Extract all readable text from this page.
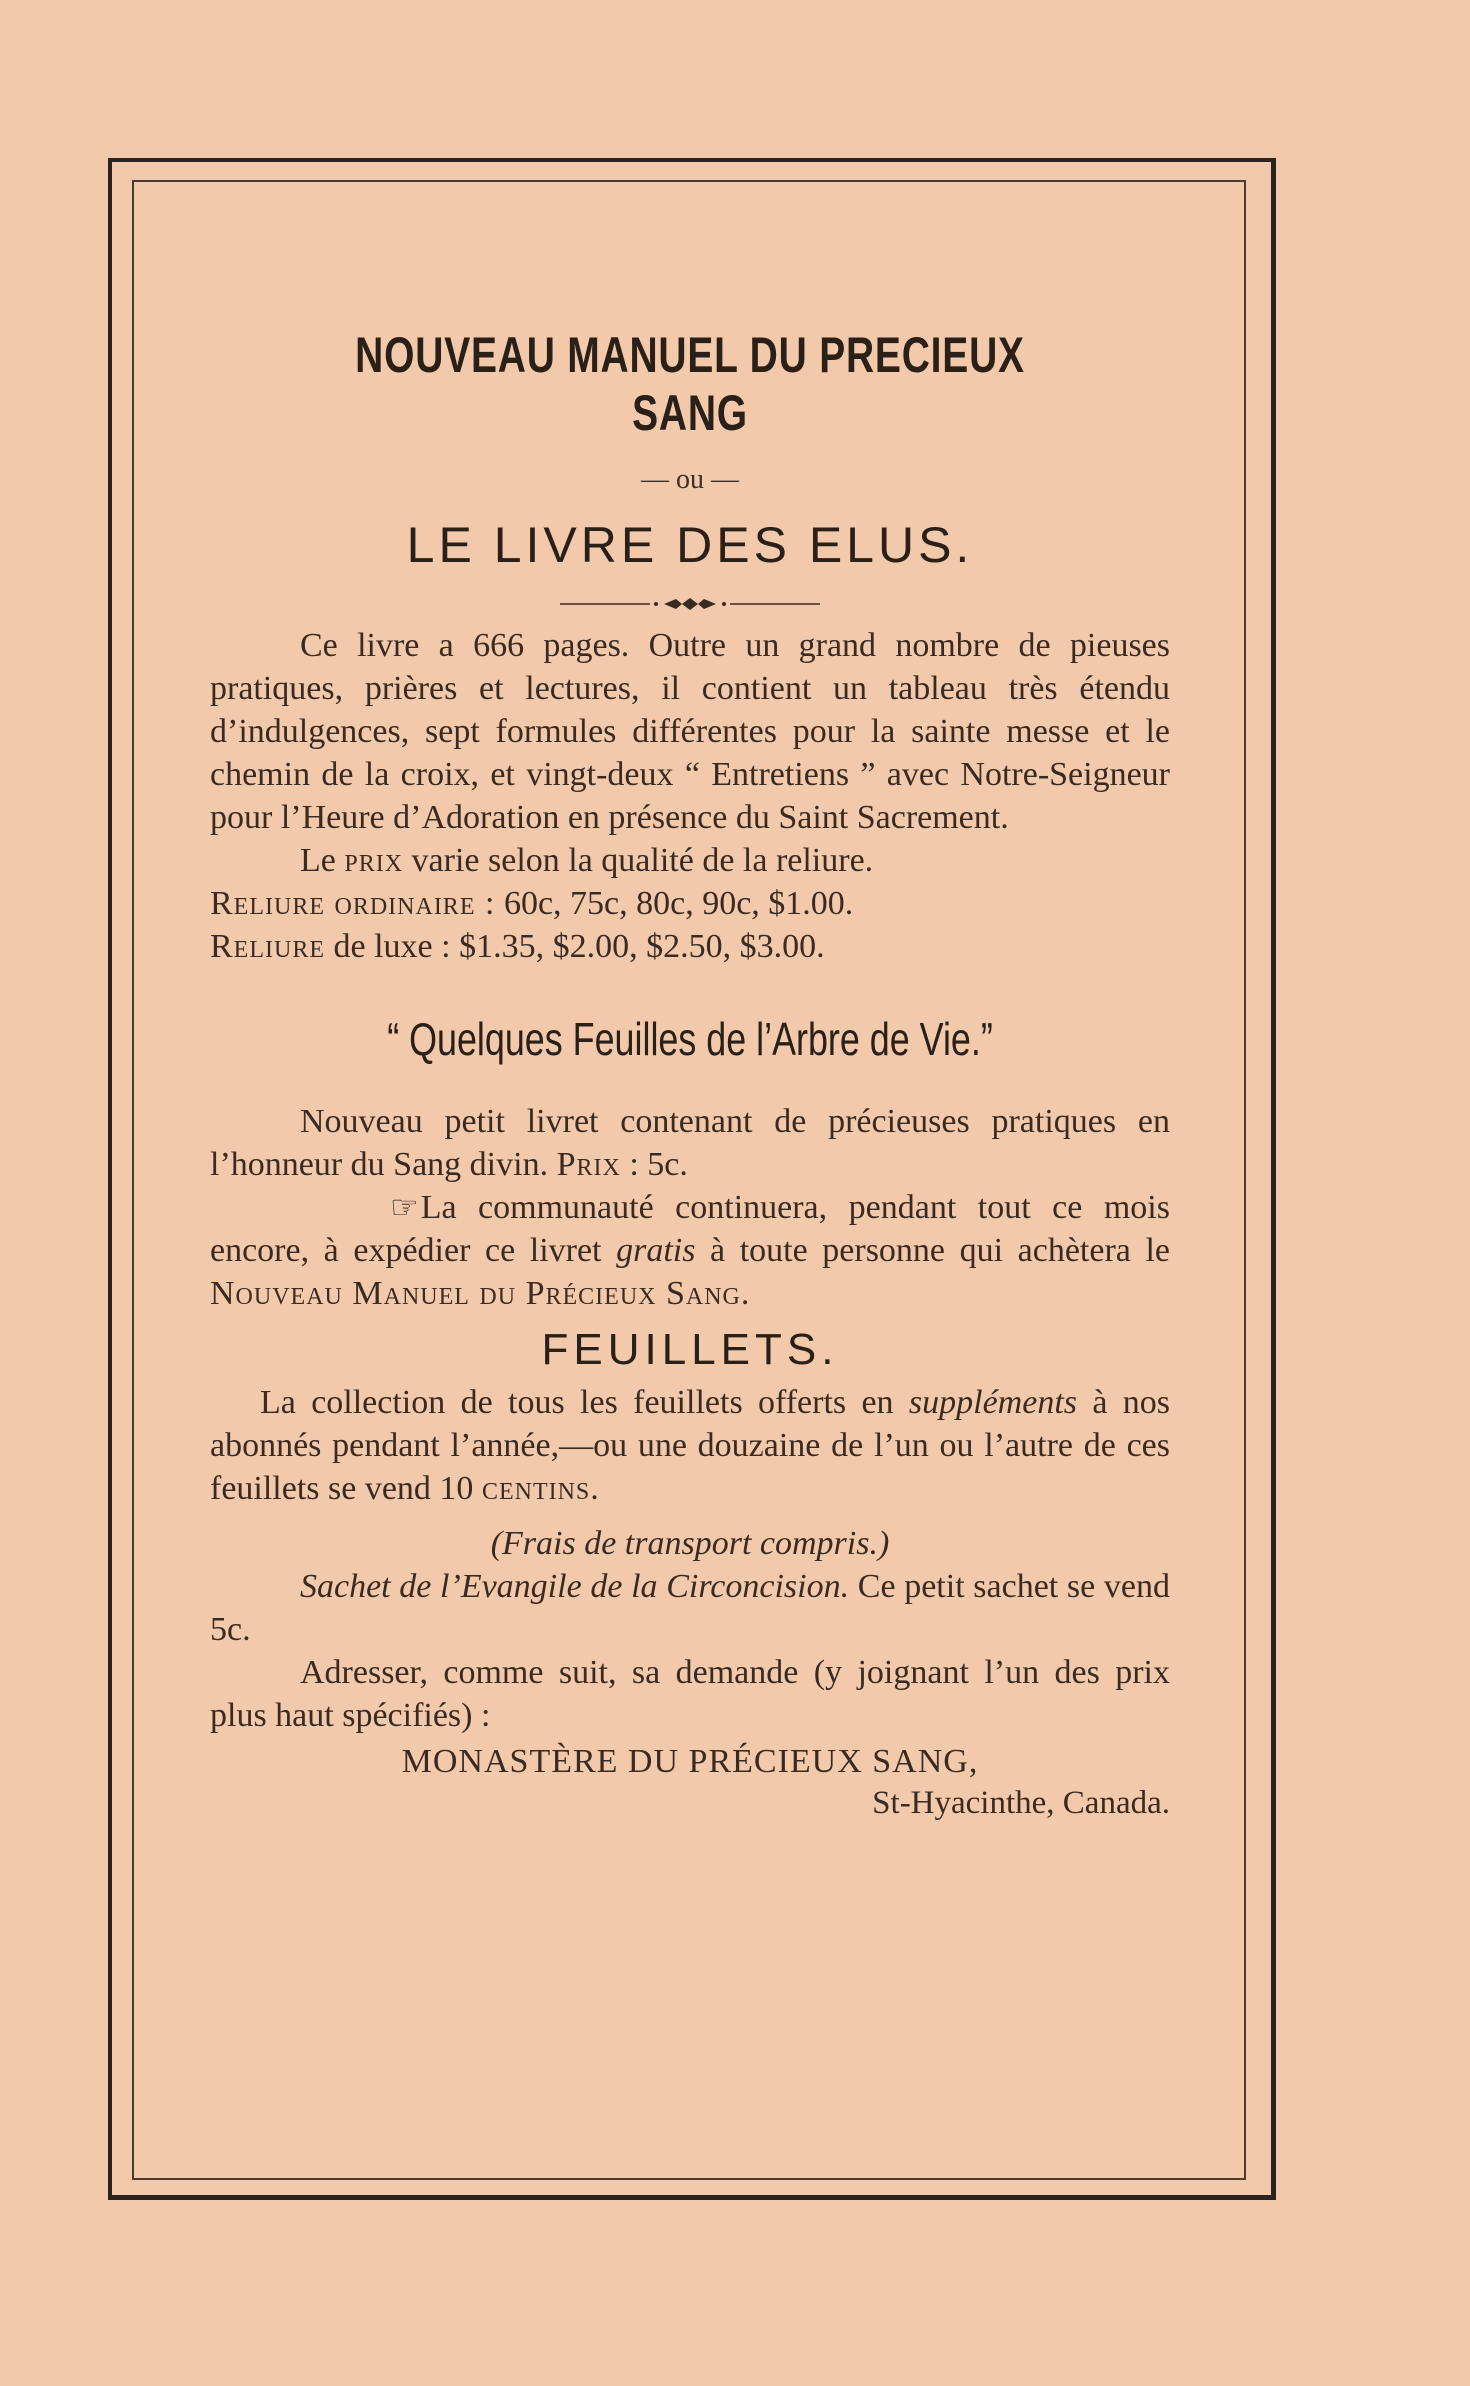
NOUVEAU MANUEL DU PRECIEUX SANG
— ou —
LE LIVRE DES ELUS.

Ce livre a 666 pages. Outre un grand nombre de pieuses pratiques, prières et lectures, il contient un tableau très étendu d’indulgences, sept formules différentes pour la sainte messe et le chemin de la croix, et vingt-deux “ Entretiens ” avec Notre-Seigneur pour l’Heure d’Adoration en présence du Saint Sacrement.

Le prix varie selon la qualité de la reliure.

Reliure ordinaire : 60c, 75c, 80c, 90c, $1.00.

Reliure de luxe : $1.35, $2.00, $2.50, $3.00.

“ Quelques Feuilles de l’Arbre de Vie.”

Nouveau petit livret contenant de précieuses pratiques en l’honneur du Sang divin. Prix : 5c.

☞La communauté continuera, pendant tout ce mois encore, à expédier ce livret gratis à toute personne qui achètera le Nouveau Manuel du Précieux Sang.

FEUILLETS.

La collection de tous les feuillets offerts en suppléments à nos abonnés pendant l’année,—ou une douzaine de l’un ou l’autre de ces feuillets se vend 10 centins.

(Frais de transport compris.)

Sachet de l’Evangile de la Circoncision. Ce petit sachet se vend 5c.

Adresser, comme suit, sa demande (y joignant l’un des prix plus haut spécifiés) :

MONASTÈRE DU PRÉCIEUX SANG,
St-Hyacinthe, Canada.
